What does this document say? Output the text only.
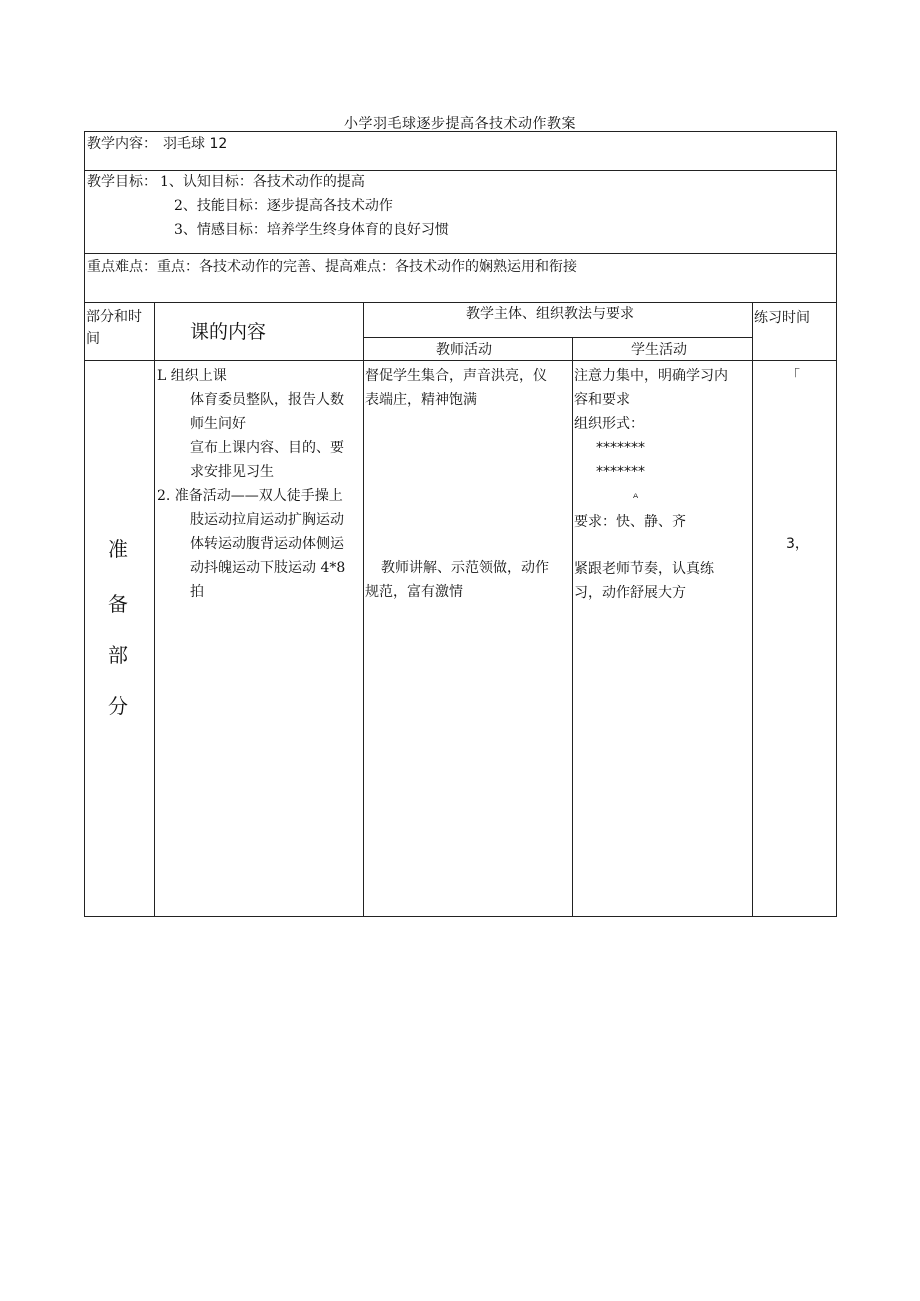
小学羽毛球逐步提高各技术动作教案
教学内容： 羽毛球 12
教学目标： 1、认知目标：各技术动作的提高
2、技能目标：逐步提高各技术动作
3、情感目标：培养学生终身体育的良好习惯
重点难点：重点：各技术动作的完善、提高难点：各技术动作的娴熟运用和衔接
部分和时
间	课的内容
教学主体、组织教法与要求
教师活动	学生活动
练习时间
准
备
部
分
L 组织上课
体育委员整队，报告人数
师生问好
宣布上课内容、目的、要
求安排见习生
2. 准备活动——双人徒手操上
肢运动拉肩运动扩胸运动
体转运动腹背运动体侧运
动抖魄运动下肢运动 4*8
拍
督促学生集合，声音洪亮，仪
表端庄，精神饱满
教师讲解、示范领做，动作
规范，富有激情
注意力集中，明确学习内
容和要求
组织形式：
*******
*******
ᴬ
要求：快、静、齐
紧跟老师节奏，认真练
习，动作舒展大方
「
3，
